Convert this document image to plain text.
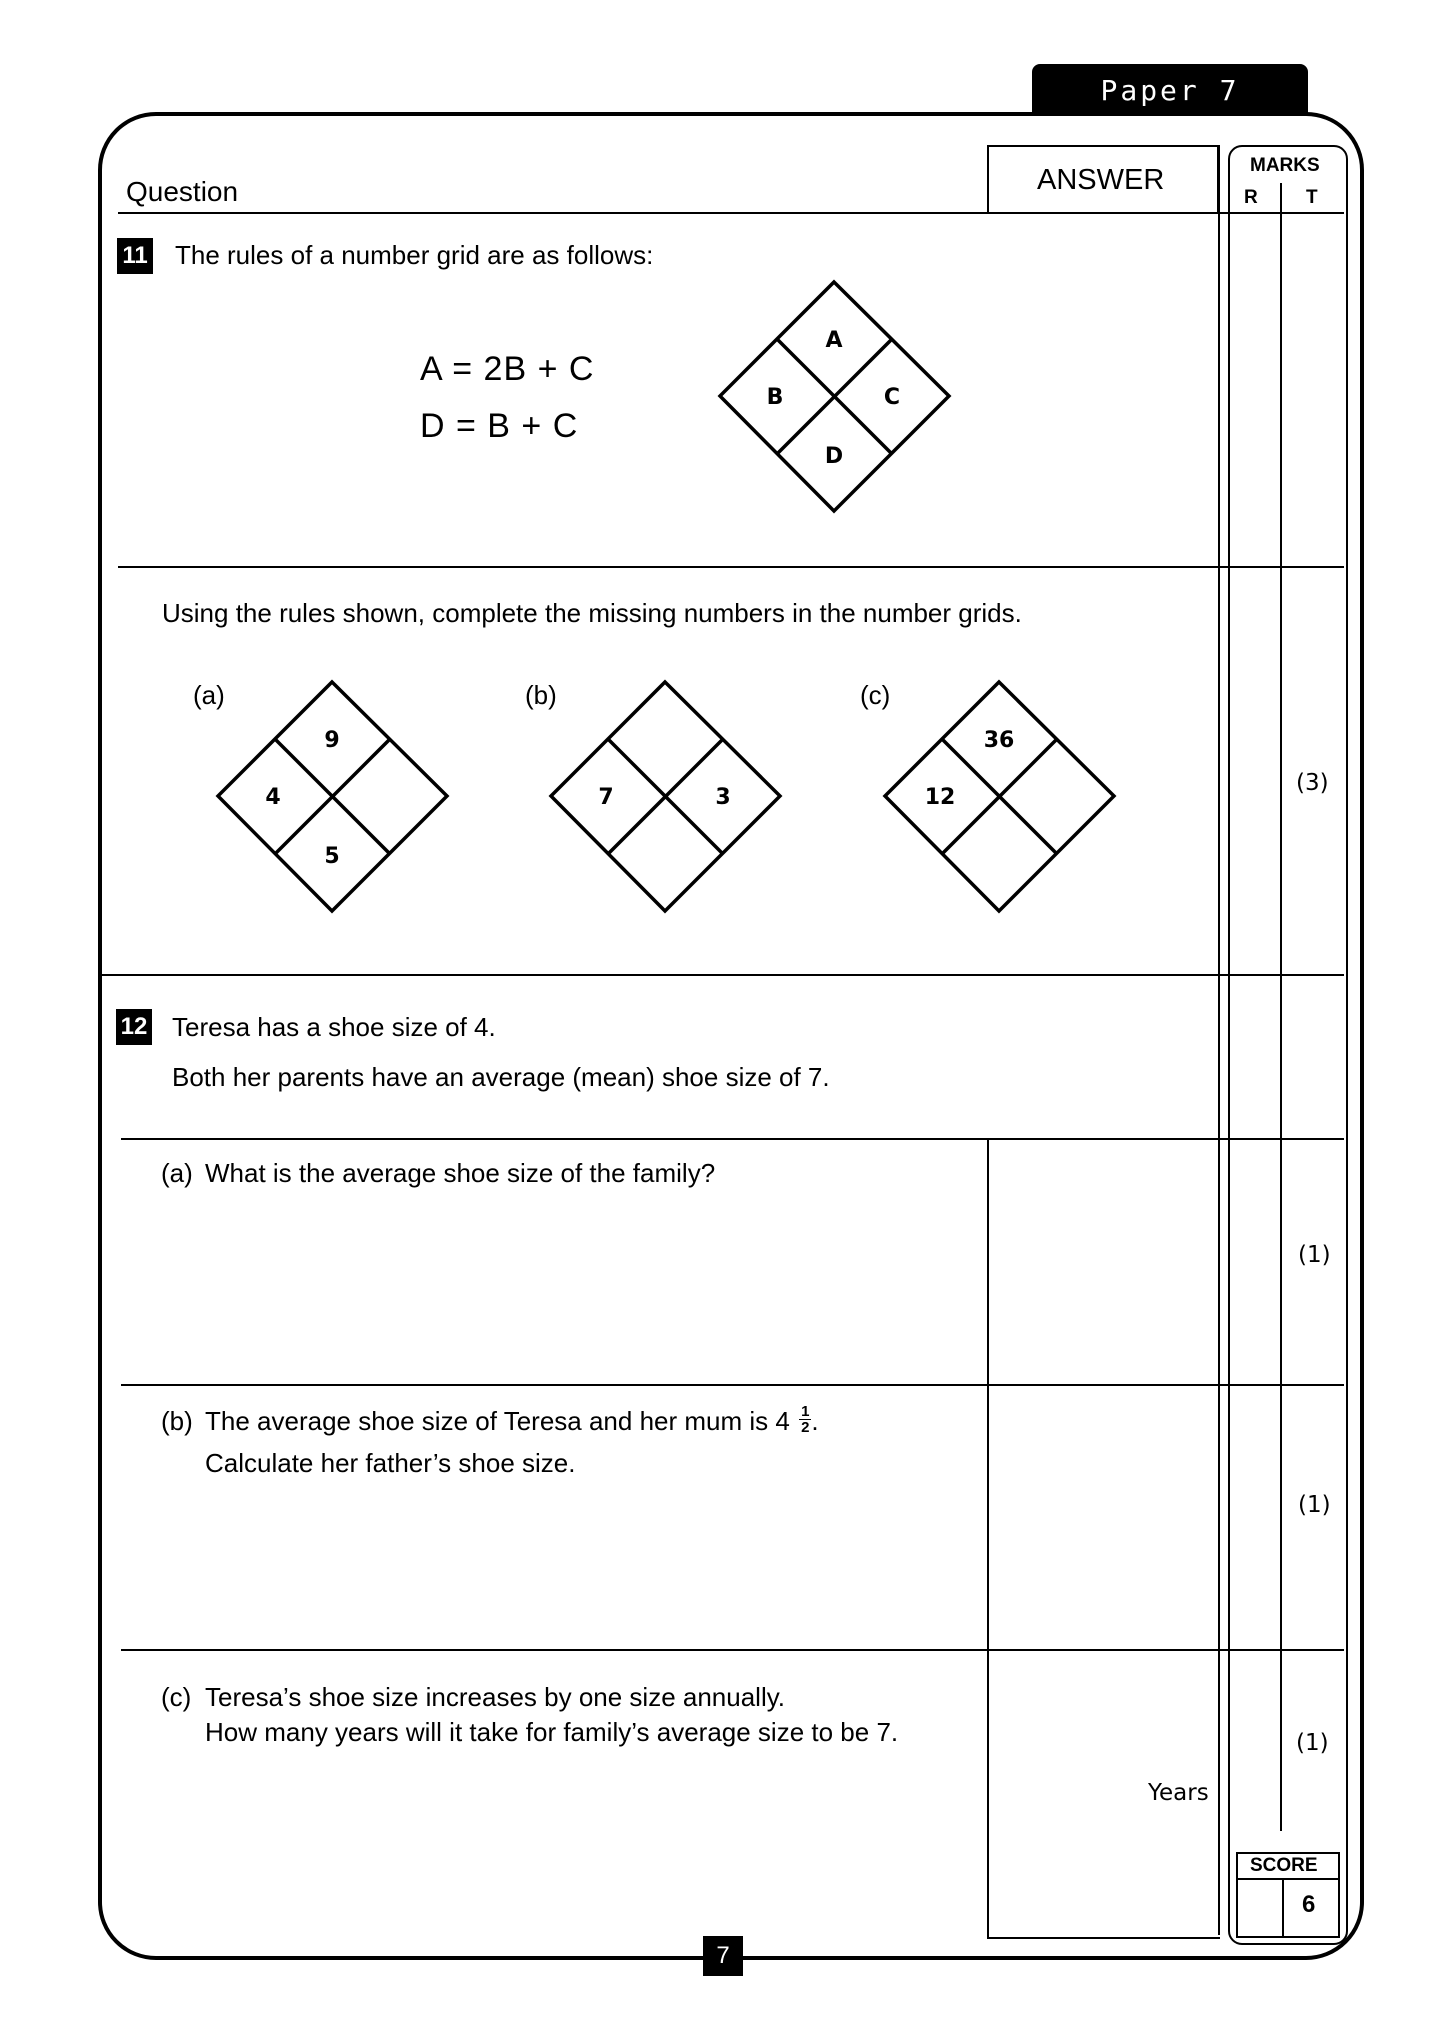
Paper 7
Question	ANSWER	MARKS
R	T
11 The rules of a number grid are as follows:
A = 2B + C
D = B + C
A
B	C
D
Using the rules shown, complete the missing numbers in the number grids.
(a)
9
4
5
(b)
7	3
(c)
36
12
(3)
12 Teresa has a shoe size of 4.
Both her parents have an average (mean) shoe size of 7.
(a) What is the average shoe size of the family?
(1)
(b) The average shoe size of Teresa and her mum is $4 \frac{1}{2}$ .
Calculate her father’s shoe size.
(1)
(c) Teresa’s shoe size increases by one size annually.
How many years will it take for family’s average size to be 7.
Years
(1)
SCORE
6
7
